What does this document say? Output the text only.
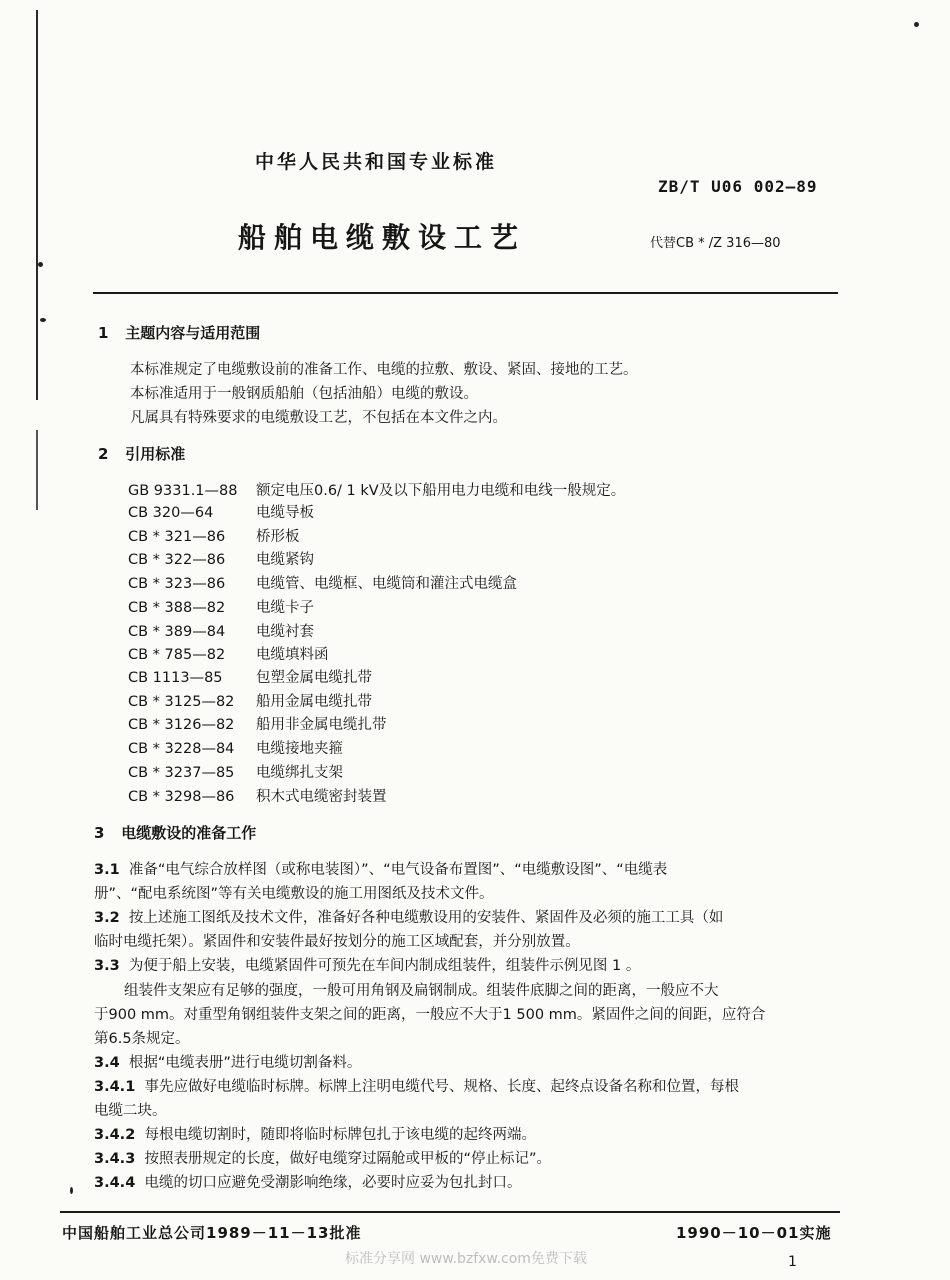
中华人民共和国专业标准
ZB/T U06 002—89
船舶电缆敷设工艺	代替CB * /Z 316—80
1 主题内容与适用范围
本标准规定了电缆敷设前的准备工作、电缆的拉敷、敷设、紧固、接地的工艺。
本标准适用于一般钢质船舶（包括油船）电缆的敷设。
凡属具有特殊要求的电缆敷设工艺，不包括在本文件之内。
2 引用标准
GB 9331.1—88 额定电压0.6/ 1 kV及以下船用电力电缆和电线一般规定。
CB 320—64	电缆导板
CB * 321—86 桥形板
CB * 322—86 电缆紧钩
CB * 323—86 电缆管、电缆框、电缆筒和灌注式电缆盒
CB * 388—82 电缆卡子
CB * 389—84 电缆衬套
CB * 785—82 电缆填料函
CB 1113—85 包塑金属电缆扎带
CB * 3125—82 船用金属电缆扎带
CB * 3126—82 船用非金属电缆扎带
CB * 3228—84 电缆接地夹箍
CB * 3237—85 电缆绑扎支架
CB * 3298—86 积木式电缆密封装置
3 电缆敷设的准备工作
3.1 准备“电气综合放样图（或称电装图）”、“电气设备布置图”、“电缆敷设图”、“电缆表
册”、“配电系统图”等有关电缆敷设的施工用图纸及技术文件。
3.2 按上述施工图纸及技术文件，准备好各种电缆敷设用的安装件、紧固件及必须的施工工具（如
临时电缆托架）。紧固件和安装件最好按划分的施工区域配套，并分别放置。
3.3 为便于船上安装，电缆紧固件可预先在车间内制成组装件，组装件示例见图 1 。
组装件支架应有足够的强度，一般可用角钢及扁钢制成。组装件底脚之间的距离，一般应不大
于900 mm。对重型角钢组装件支架之间的距离，一般应不大于1 500 mm。紧固件之间的间距，应符合
第6.5条规定。
3.4 根据“电缆表册”进行电缆切割备料。
3.4.1 事先应做好电缆临时标牌。标牌上注明电缆代号、规格、长度、起终点设备名称和位置，每根
电缆二块。
3.4.2 每根电缆切割时，随即将临时标牌包扎于该电缆的起终两端。
3.4.3 按照表册规定的长度，做好电缆穿过隔舱或甲板的“停止标记”。
3.4.4 电缆的切口应避免受潮影响绝缘，必要时应妥为包扎封口。
中国船舶工业总公司1989－11－13批准	1990－10－01实施
标准分享网 www.bzfxw.com免费下载	1
